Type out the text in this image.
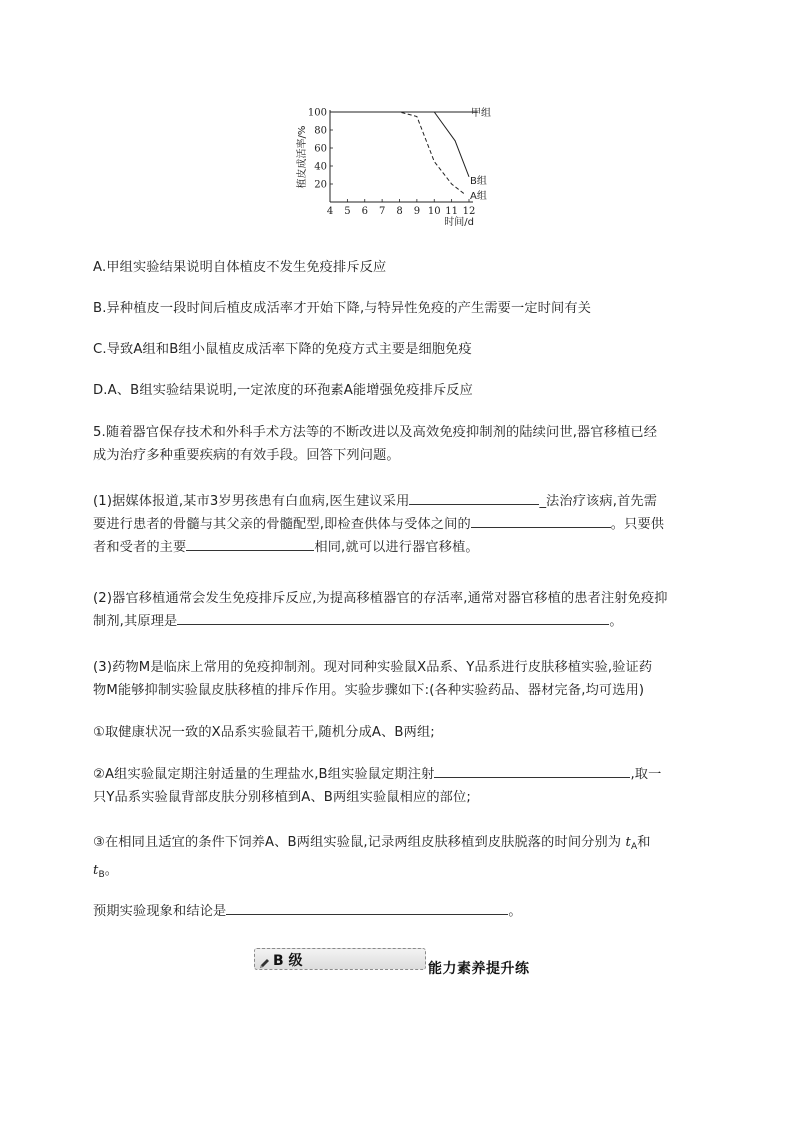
4 5 6 7 8 9 10 11 12
20
40
60
80
100
时间/d
植皮成活率/%
甲组
B组
A组
A.甲组实验结果说明自体植皮不发生免疫排斥反应
B.异种植皮一段时间后植皮成活率才开始下降,与特异性免疫的产生需要一定时间有关
C.导致A组和B组小鼠植皮成活率下降的免疫方式主要是细胞免疫
D.A、B组实验结果说明,一定浓度的环孢素A能增强免疫排斥反应
5.随着器官保存技术和外科手术方法等的不断改进以及高效免疫抑制剂的陆续问世,器官移植已经
成为治疗多种重要疾病的有效手段。回答下列问题。
(1)据媒体报道,某市3岁男孩患有白血病,医生建议采用	_法治疗该病,首先需
要进行患者的骨髓与其父亲的骨髓配型,即检查供体与受体之间的	。只要供
者和受者的主要	相同,就可以进行器官移植。
(2)器官移植通常会发生免疫排斥反应,为提高移植器官的存活率,通常对器官移植的患者注射免疫抑
制剂,其原理是	。
(3)药物M是临床上常用的免疫抑制剂。现对同种实验鼠X品系、Y品系进行皮肤移植实验,验证药
物M能够抑制实验鼠皮肤移植的排斥作用。实验步骤如下:(各种实验药品、器材完备,均可选用)
①取健康状况一致的X品系实验鼠若干,随机分成A、B两组;
②A组实验鼠定期注射适量的生理盐水,B组实验鼠定期注射	,取一
只Y品系实验鼠背部皮肤分别移植到A、B两组实验鼠相应的部位;
③在相同且适宜的条件下饲养A、B两组实验鼠,记录两组皮肤移植到皮肤脱落的时间分别为 $t_A$和
$t_B$。
预期实验现象和结论是	。
B 级	能力素养提升练
